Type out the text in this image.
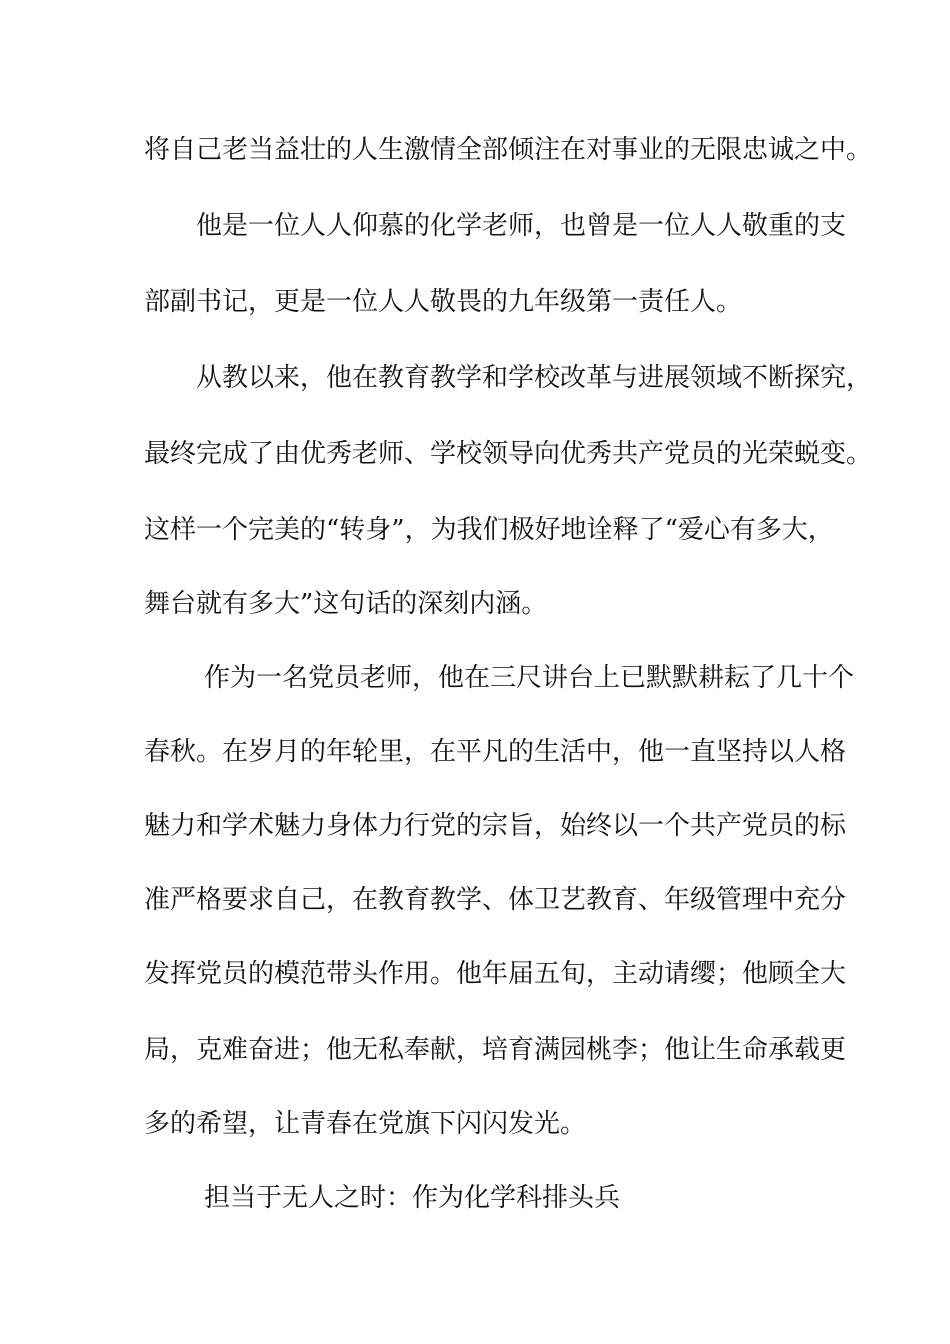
将自己老当益壮的人生激情全部倾注在对事业的无限忠诚之中。
他是一位人人仰慕的化学老师，也曾是一位人人敬重的支
部副书记，更是一位人人敬畏的九年级第一责任人。
从教以来，他在教育教学和学校改革与进展领域不断探究，
最终完成了由优秀老师、学校领导向优秀共产党员的光荣蜕变。
这样一个完美的“转身”，为我们极好地诠释了“爱心有多大，
舞台就有多大”这句话的深刻内涵。
作为一名党员老师，他在三尺讲台上已默默耕耘了几十个
春秋。在岁月的年轮里，在平凡的生活中，他一直坚持以人格
魅力和学术魅力身体力行党的宗旨，始终以一个共产党员的标
准严格要求自己，在教育教学、体卫艺教育、年级管理中充分
发挥党员的模范带头作用。他年届五旬，主动请缨；他顾全大
局，克难奋进；他无私奉献，培育满园桃李；他让生命承载更
多的希望，让青春在党旗下闪闪发光。
担当于无人之时：作为化学科排头兵
